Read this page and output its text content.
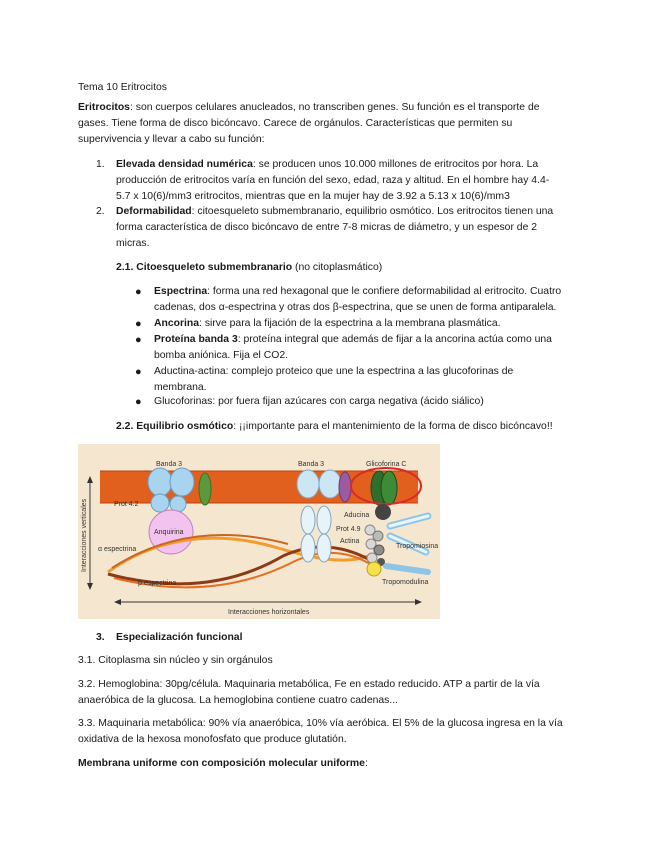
Tema 10 Eritrocitos
Eritrocitos: son cuerpos celulares anucleados, no transcriben genes. Su función es el transporte de
gases. Tiene forma de disco bicóncavo. Carece de orgánulos. Características que permiten su
supervivencia y llevar a cabo su función:
1. Elevada densidad numérica: se producen unos 10.000 millones de eritrocitos por hora. La
producción de eritrocitos varía en función del sexo, edad, raza y altitud. En el hombre hay 4.4-
5.7 x 10(6)/mm3 eritrocitos, mientras que en la mujer hay de 3.92 a 5.13 x 10(6)/mm3
2. Deformabilidad: citoesqueleto submembranario, equilibrio osmótico. Los eritrocitos tienen una
forma característica de disco bicóncavo de entre 7-8 micras de diámetro, y un espesor de 2
micras.
2.1. Citoesqueleto submembranario (no citoplasmático)
● Espectrina: forma una red hexagonal que le confiere deformabilidad al eritrocito. Cuatro
cadenas, dos α-espectrina y otras dos β-espectrina, que se unen de forma antiparalela.
● Ancorina: sirve para la fijación de la espectrina a la membrana plasmática.
● Proteína banda 3: proteína integral que además de fijar a la ancorina actúa como una
bomba aniónica. Fija el CO2.
● Aductina-actina: complejo proteico que une la espectrina a las glucoforinas de
membrana.
● Glucoforinas: por fuera fijan azúcares con carga negativa (ácido siálico)
2.2. Equilibrio osmótico: ¡¡importante para el mantenimiento de la forma de disco bicóncavo!!
Banda 3	Banda 3	Glicoforina C
Prot 4.2
Anquirina
α espectrina
β espectrina
Aducina
Prot 4.9
Actina
Tropomiosina
Tropomodulina
Interacciones horizontales
Interacciones verticales
3. Especialización funcional
3.1. Citoplasma sin núcleo y sin orgánulos
3.2. Hemoglobina: 30pg/célula. Maquinaria metabólica, Fe en estado reducido. ATP a partir de la vía
anaeróbica de la glucosa. La hemoglobina contiene cuatro cadenas...
3.3. Maquinaria metabólica: 90% vía anaeróbica, 10% vía aeróbica. El 5% de la glucosa ingresa en la vía
oxidativa de la hexosa monofosfato que produce glutatión.
Membrana uniforme con composición molecular uniforme:
